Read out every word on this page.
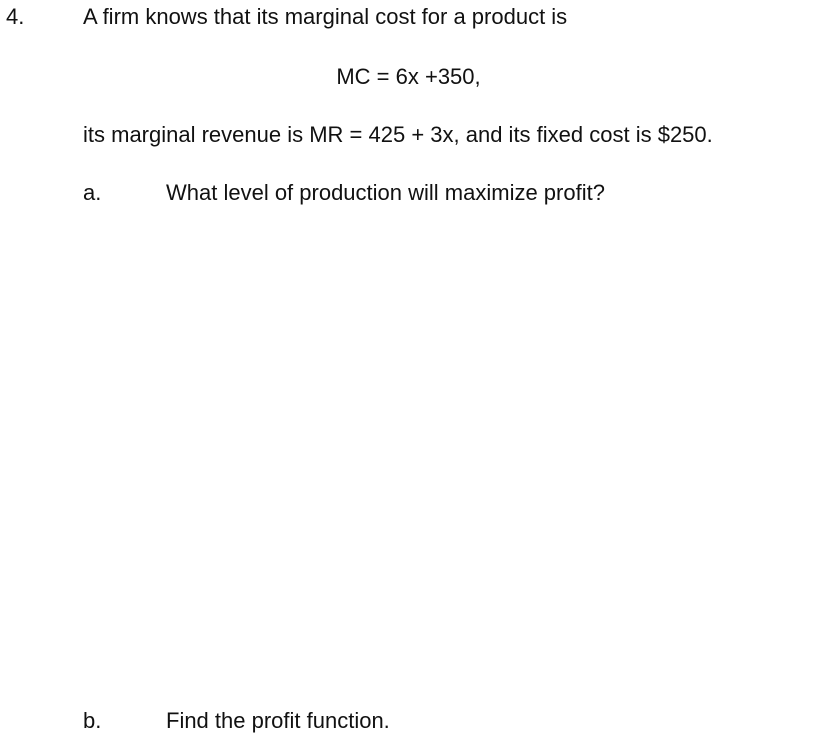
4.	A firm knows that its marginal cost for a product is
MC = 6x +350,
its marginal revenue is MR = 425 + 3x, and its fixed cost is $250.
a.	What level of production will maximize profit?
b.	Find the profit function.
